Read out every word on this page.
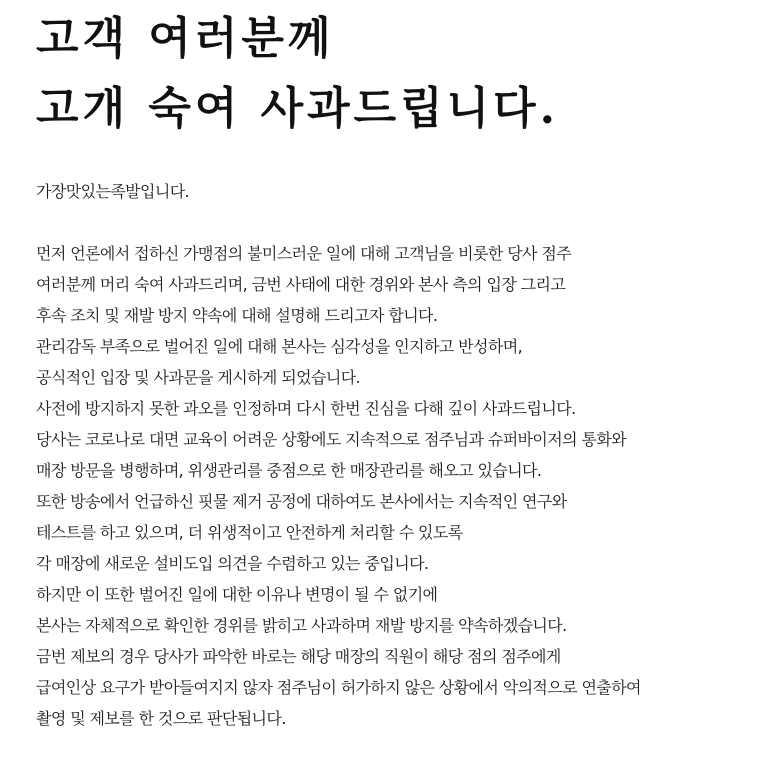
고객 여러분께
고개 숙여 사과드립니다.
가장맛있는족발입니다.
먼저 언론에서 접하신 가맹점의 불미스러운 일에 대해 고객님을 비롯한 당사 점주
여러분께 머리 숙여 사과드리며, 금번 사태에 대한 경위와 본사 측의 입장 그리고
후속 조치 및 재발 방지 약속에 대해 설명해 드리고자 합니다.
관리감독 부족으로 벌어진 일에 대해 본사는 심각성을 인지하고 반성하며,
공식적인 입장 및 사과문을 게시하게 되었습니다.
사전에 방지하지 못한 과오를 인정하며 다시 한번 진심을 다해 깊이 사과드립니다.
당사는 코로나로 대면 교육이 어려운 상황에도 지속적으로 점주님과 슈퍼바이저의 통화와
매장 방문을 병행하며, 위생관리를 중점으로 한 매장관리를 해오고 있습니다.
또한 방송에서 언급하신 핏물 제거 공정에 대하여도 본사에서는 지속적인 연구와
테스트를 하고 있으며, 더 위생적이고 안전하게 처리할 수 있도록
각 매장에 새로운 설비도입 의견을 수렴하고 있는 중입니다.
하지만 이 또한 벌어진 일에 대한 이유나 변명이 될 수 없기에
본사는 자체적으로 확인한 경위를 밝히고 사과하며 재발 방지를 약속하겠습니다.
금번 제보의 경우 당사가 파악한 바로는 해당 매장의 직원이 해당 점의 점주에게
급여인상 요구가 받아들여지지 않자 점주님이 허가하지 않은 상황에서 악의적으로 연출하여
촬영 및 제보를 한 것으로 판단됩니다.
